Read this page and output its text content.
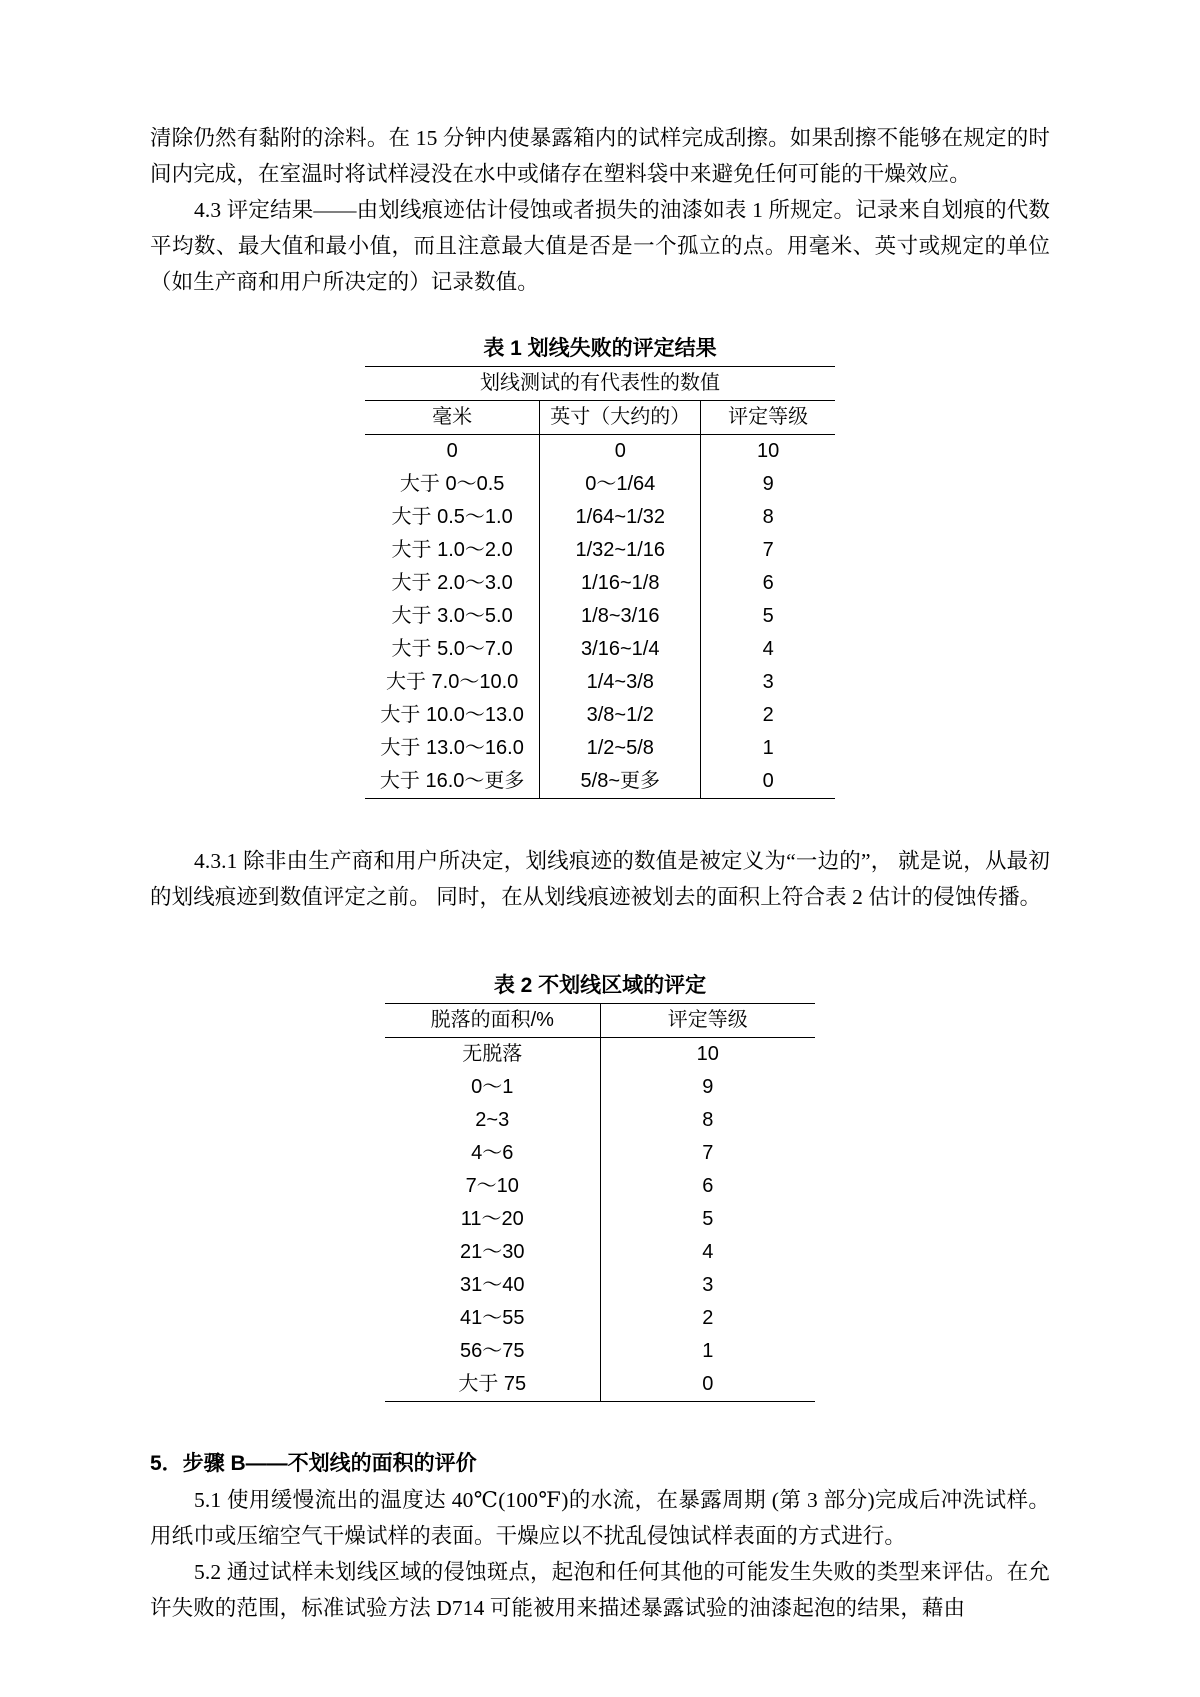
清除仍然有黏附的涂料。在 15 分钟内使暴露箱内的试样完成刮擦。如果刮擦不能够在规定的时间内完成，在室温时将试样浸没在水中或储存在塑料袋中来避免任何可能的干燥效应。

4.3 评定结果——由划线痕迹估计侵蚀或者损失的油漆如表 1 所规定。记录来自划痕的代数平均数、最大值和最小值，而且注意最大值是否是一个孤立的点。用毫米、英寸或规定的单位（如生产商和用户所决定的）记录数值。

表 1 划线失败的评定结果
划线测试的有代表性的数值		
毫米	英寸（大约的）	评定等级
0	0	10
大于 0～0.5	0～1/64	9
大于 0.5～1.0	1/64~1/32	8
大于 1.0～2.0	1/32~1/16	7
大于 2.0～3.0	1/16~1/8	6
大于 3.0～5.0	1/8~3/16	5
大于 5.0～7.0	3/16~1/4	4
大于 7.0～10.0	1/4~3/8	3
大于 10.0～13.0	3/8~1/2	2
大于 13.0～16.0	1/2~5/8	1
大于 16.0～更多	5/8~更多	0

4.3.1 除非由生产商和用户所决定，划线痕迹的数值是被定义为“一边的”， 就是说，从最初的划线痕迹到数值评定之前。 同时，在从划线痕迹被划去的面积上符合表 2 估计的侵蚀传播。

表 2 不划线区域的评定
脱落的面积/%	评定等级
无脱落	10
0～1	9
2~3	8
4～6	7
7～10	6
11～20	5
21～30	4
31～40	3
41～55	2
56～75	1
大于 75	0
5．步骤 B——不划线的面积的评价

5.1 使用缓慢流出的温度达 40℃(100℉)的水流，在暴露周期 (第 3 部分)完成后冲洗试样。用纸巾或压缩空气干燥试样的表面。干燥应以不扰乱侵蚀试样表面的方式进行。

5.2 通过试样未划线区域的侵蚀斑点，起泡和任何其他的可能发生失败的类型来评估。在允许失败的范围，标准试验方法 D714 可能被用来描述暴露试验的油漆起泡的结果，藉由
